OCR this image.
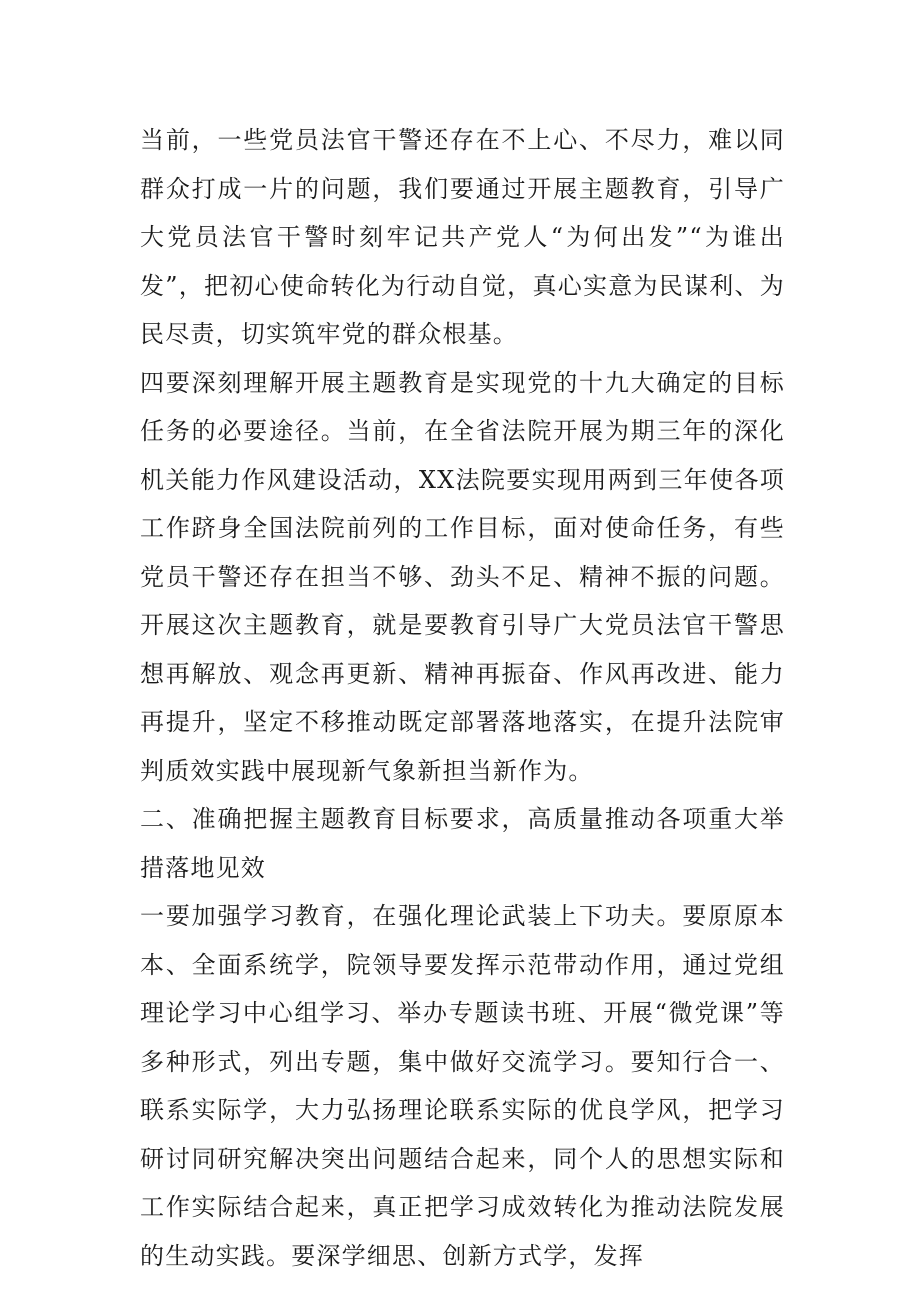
当前，一些党员法官干警还存在不上心、不尽力，难以同群众打成一片的问题，我们要通过开展主题教育，引导广大党员法官干警时刻牢记共产党人“为何出发”“为谁出发”，把初心使命转化为行动自觉，真心实意为民谋利、为民尽责，切实筑牢党的群众根基。

四要深刻理解开展主题教育是实现党的十九大确定的目标任务的必要途径。当前，在全省法院开展为期三年的深化机关能力作风建设活动，XX法院要实现用两到三年使各项工作跻身全国法院前列的工作目标，面对使命任务，有些党员干警还存在担当不够、劲头不足、精神不振的问题。开展这次主题教育，就是要教育引导广大党员法官干警思想再解放、观念再更新、精神再振奋、作风再改进、能力再提升，坚定不移推动既定部署落地落实，在提升法院审判质效实践中展现新气象新担当新作为。

二、准确把握主题教育目标要求，高质量推动各项重大举措落地见效

一要加强学习教育，在强化理论武装上下功夫。要原原本本、全面系统学，院领导要发挥示范带动作用，通过党组理论学习中心组学习、举办专题读书班、开展“微党课”等多种形式，列出专题，集中做好交流学习。要知行合一、联系实际学，大力弘扬理论联系实际的优良学风，把学习研讨同研究解决突出问题结合起来，同个人的思想实际和工作实际结合起来，真正把学习成效转化为推动法院发展的生动实践。要深学细思、创新方式学，发挥
